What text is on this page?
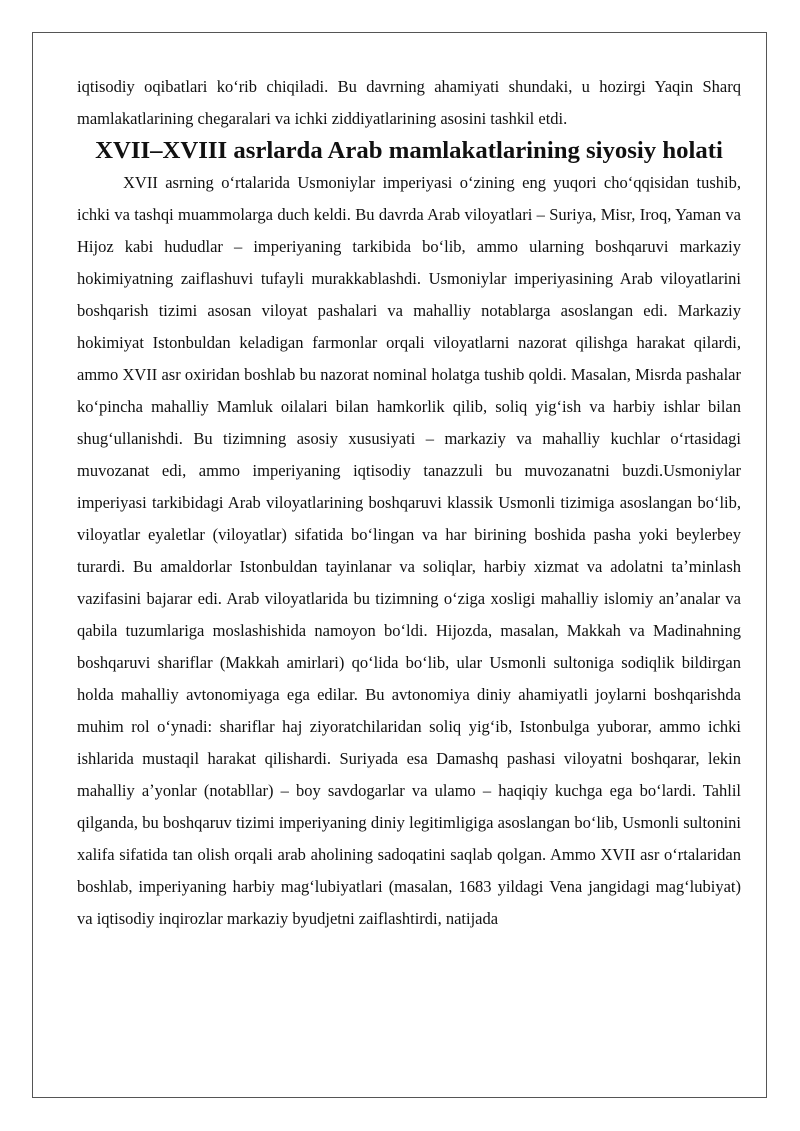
iqtisodiy oqibatlari koʻrib chiqiladi. Bu davrning ahamiyati shundaki, u hozirgi Yaqin Sharq mamlakatlarining chegaralari va ichki ziddiyatlarining asosini tashkil etdi.

XVII–XVIII asrlarda Arab mamlakatlarining siyosiy holati

XVII asrning oʻrtalarida Usmoniylar imperiyasi oʻzining eng yuqori choʻqqisidan tushib, ichki va tashqi muammolarga duch keldi. Bu davrda Arab viloyatlari – Suriya, Misr, Iroq, Yaman va Hijoz kabi hududlar – imperiyaning tarkibida boʻlib, ammo ularning boshqaruvi markaziy hokimiyatning zaiflashuvi tufayli murakkablashdi. Usmoniylar imperiyasining Arab viloyatlarini boshqarish tizimi asosan viloyat pashalari va mahalliy notablarga asoslangan edi. Markaziy hokimiyat Istonbuldan keladigan farmonlar orqali viloyatlarni nazorat qilishga harakat qilardi, ammo XVII asr oxiridan boshlab bu nazorat nominal holatga tushib qoldi. Masalan, Misrda pashalar koʻpincha mahalliy Mamluk oilalari bilan hamkorlik qilib, soliq yigʻish va harbiy ishlar bilan shugʻullanishdi. Bu tizimning asosiy xususiyati – markaziy va mahalliy kuchlar oʻrtasidagi muvozanat edi, ammo imperiyaning iqtisodiy tanazzuli bu muvozanatni buzdi.Usmoniylar imperiyasi tarkibidagi Arab viloyatlarining boshqaruvi klassik Usmonli tizimiga asoslangan boʻlib, viloyatlar eyaletlar (viloyatlar) sifatida boʻlingan va har birining boshida pasha yoki beylerbey turardi. Bu amaldorlar Istonbuldan tayinlanar va soliqlar, harbiy xizmat va adolatni taʼminlash vazifasini bajarar edi. Arab viloyatlarida bu tizimning oʻziga xosligi mahalliy islomiy anʼanalar va qabila tuzumlariga moslashishida namoyon boʻldi. Hijozda, masalan, Makkah va Madinahning boshqaruvi shariflar (Makkah amirlari) qoʻlida boʻlib, ular Usmonli sultoniga sodiqlik bildirgan holda mahalliy avtonomiyaga ega edilar. Bu avtonomiya diniy ahamiyatli joylarni boshqarishda muhim rol oʻynadi: shariflar haj ziyoratchilaridan soliq yigʻib, Istonbulga yuborar, ammo ichki ishlarida mustaqil harakat qilishardi. Suriyada esa Damashq pashasi viloyatni boshqarar, lekin mahalliy aʼyonlar (notabllar) – boy savdogarlar va ulamo – haqiqiy kuchga ega boʻlardi. Tahlil qilganda, bu boshqaruv tizimi imperiyaning diniy legitimligiga asoslangan boʻlib, Usmonli sultonini xalifa sifatida tan olish orqali arab aholining sadoqatini saqlab qolgan. Ammo XVII asr oʻrtalaridan boshlab, imperiyaning harbiy magʻlubiyatlari (masalan, 1683 yildagi Vena jangidagi magʻlubiyat) va iqtisodiy inqirozlar markaziy byudjetni zaiflashtirdi, natijada
